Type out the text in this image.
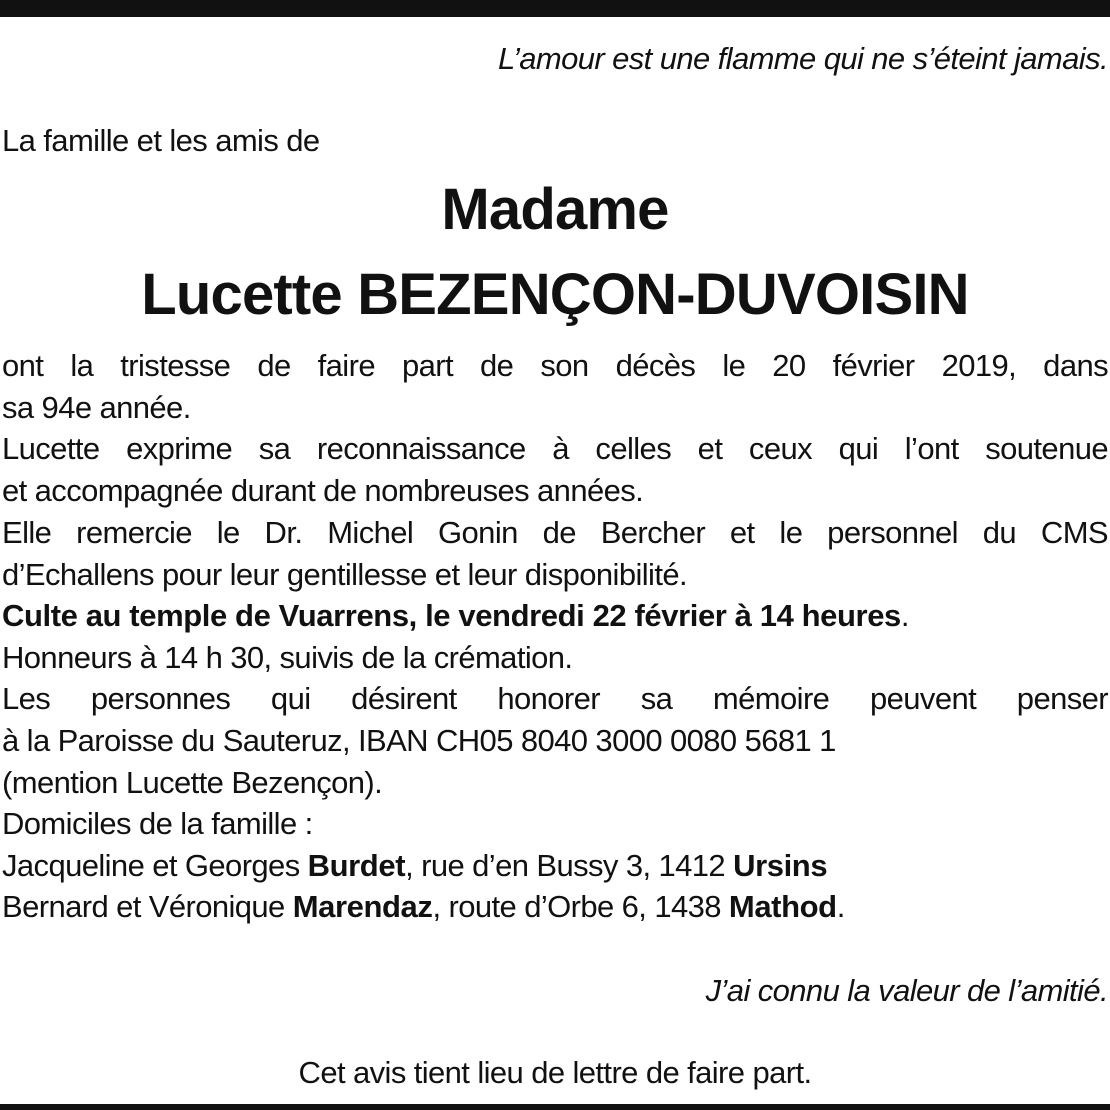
L’amour est une flamme qui ne s’éteint jamais.
La famille et les amis de
Madame
Lucette BEZENÇON-DUVOISIN
ont la tristesse de faire part de son décès le 20 février 2019, dans
sa 94e année.
Lucette exprime sa reconnaissance à celles et ceux qui l’ont soutenue
et accompagnée durant de nombreuses années.
Elle remercie le Dr. Michel Gonin de Bercher et le personnel du CMS
d’Echallens pour leur gentillesse et leur disponibilité.
Culte au temple de Vuarrens, le vendredi 22 février à 14 heures.
Honneurs à 14 h 30, suivis de la crémation.
Les personnes qui désirent honorer sa mémoire peuvent penser
à la Paroisse du Sauteruz, IBAN CH05 8040 3000 0080 5681 1
(mention Lucette Bezençon).
Domiciles de la famille :
Jacqueline et Georges Burdet, rue d’en Bussy 3, 1412 Ursins
Bernard et Véronique Marendaz, route d’Orbe 6, 1438 Mathod.
J’ai connu la valeur de l’amitié.
Cet avis tient lieu de lettre de faire part.
